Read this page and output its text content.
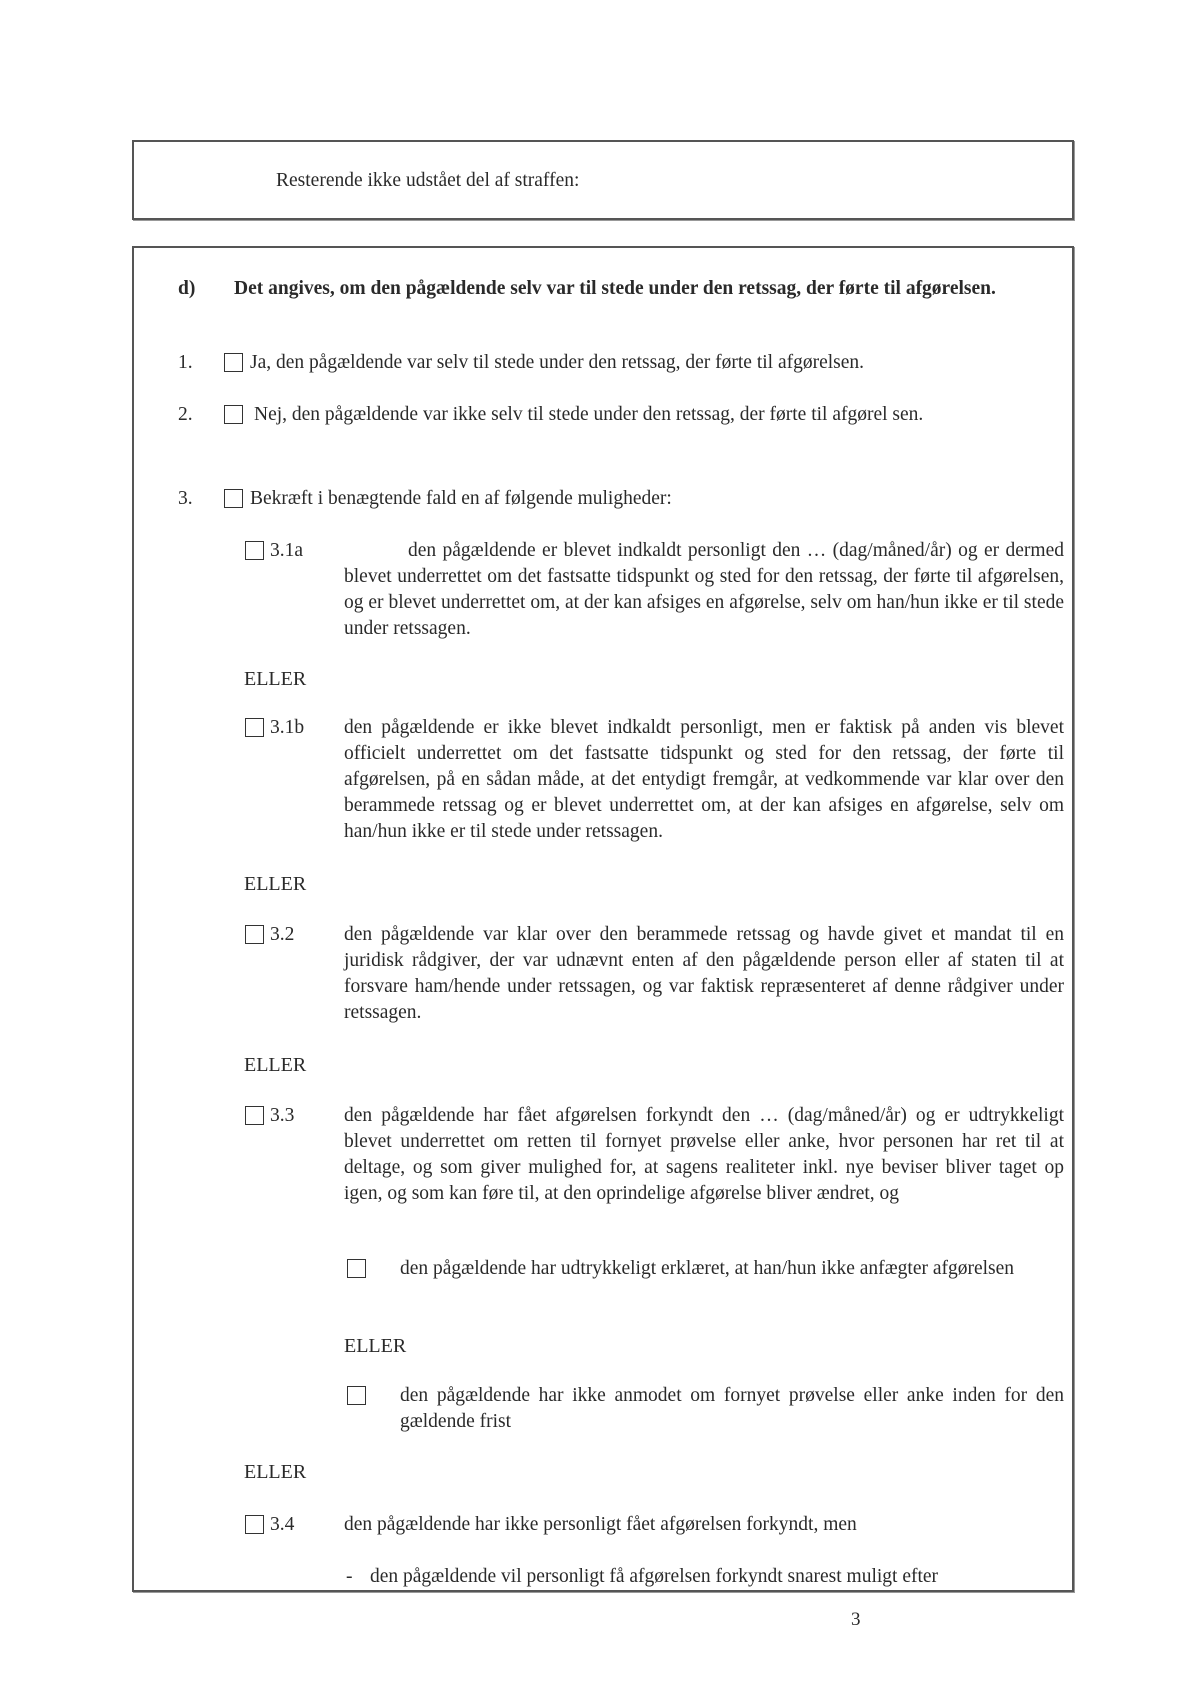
Resterende ikke udstået del af straffen:

d) Det angives, om den pågældende selv var til stede under den retssag, der førte til afgørelsen.

1.	Ja, den pågældende var selv til stede under den retssag, der førte til afgørelsen.

2.	Nej, den pågældende var ikke selv til stede under den retssag, der førte til afgørel sen.

3.	Bekræft i benægtende fald en af følgende muligheder:

3.1a	den pågældende er blevet indkaldt personligt den … (dag/måned/år) og er dermed blevet underrettet om det fastsatte tidspunkt og sted for den retssag, der førte til afgørelsen, og er blevet underrettet om, at der kan afsiges en afgørelse, selv om han/hun ikke er til stede under retssagen.

ELLER

3.1b den pågældende er ikke blevet indkaldt personligt, men er faktisk på anden vis blevet officielt underrettet om det fastsatte tidspunkt og sted for den retssag, der førte til afgørelsen, på en sådan måde, at det entydigt fremgår, at vedkommende var klar over den berammede retssag og er blevet underrettet om, at der kan afsiges en afgørelse, selv om han/hun ikke er til stede under retssagen.

ELLER

3.2	den pågældende var klar over den berammede retssag og havde givet et mandat til en juridisk rådgiver, der var udnævnt enten af den pågældende person eller af staten til at forsvare ham/hende under retssagen, og var faktisk repræsenteret af denne rådgiver under retssagen.

ELLER

3.3	den pågældende har fået afgørelsen forkyndt den … (dag/måned/år) og er udtrykkeligt blevet underrettet om retten til fornyet prøvelse eller anke, hvor personen har ret til at deltage, og som giver mulighed for, at sagens realiteter inkl. nye beviser bliver taget op igen, og som kan føre til, at den oprindelige afgørelse bliver ændret, og

den pågældende har udtrykkeligt erklæret, at han/hun ikke anfægter afgørelsen

ELLER

den pågældende har ikke anmodet om fornyet prøvelse eller anke inden for den gældende frist

ELLER

3.4	den pågældende har ikke personligt fået afgørelsen forkyndt, men

- den pågældende vil personligt få afgørelsen forkyndt snarest muligt efter

3
